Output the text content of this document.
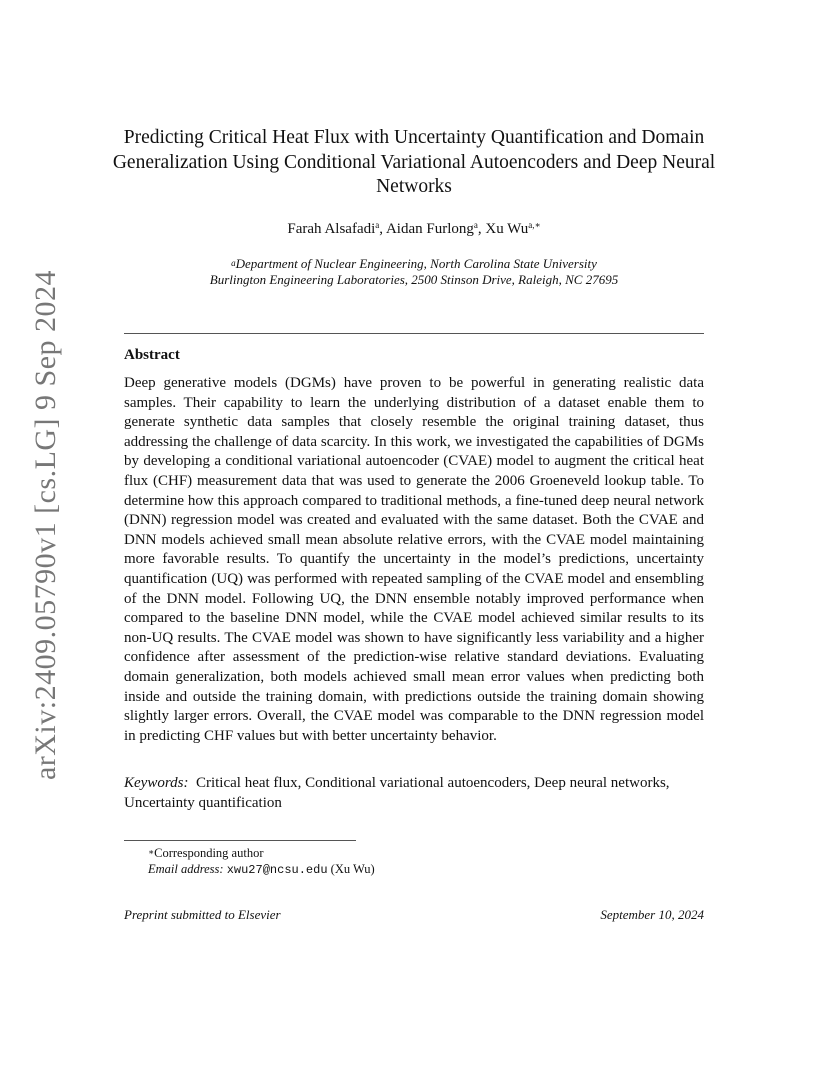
arXiv:2409.05790v1 [cs.LG] 9 Sep 2024
Predicting Critical Heat Flux with Uncertainty Quantification and Domain Generalization Using Conditional Variational Autoencoders and Deep Neural Networks
Farah Alsafadi$^a$, Aidan Furlong$^a$, Xu $Wu^{a,∗}$
$^a$Department of Nuclear Engineering, North Carolina State University
Burlington Engineering Laboratories, 2500 Stinson Drive, Raleigh, NC 27695
Abstract
Deep generative models (DGMs) have proven to be powerful in generating realistic data samples. Their capability to learn the underlying distribution of a dataset enable them to generate synthetic data samples that closely resemble the original training dataset, thus addressing the challenge of data scarcity. In this work, we investigated the capabilities of DGMs by developing a conditional variational autoencoder (CVAE) model to augment the critical heat flux (CHF) measurement data that was used to generate the 2006 Groeneveld lookup table. To determine how this approach compared to traditional methods, a fine-tuned deep neural network (DNN) regression model was created and evaluated with the same dataset. Both the CVAE and DNN models achieved small mean absolute relative errors, with the CVAE model maintaining more favorable results. To quantify the uncertainty in the model’s predictions, uncertainty quantification (UQ) was performed with repeated sampling of the CVAE model and ensembling of the DNN model. Following UQ, the DNN ensemble notably improved performance when compared to the baseline DNN model, while the CVAE model achieved similar results to its non-UQ results. The CVAE model was shown to have significantly less variability and a higher confidence after assessment of the prediction-wise relative standard deviations. Evaluating domain generalization, both models achieved small mean error values when predicting both inside and outside the training domain, with predictions outside the training domain showing slightly larger errors. Overall, the CVAE model was comparable to the DNN regression model in predicting CHF values but with better uncertainty behavior.
Keywords: Critical heat flux, Conditional variational autoencoders, Deep neural networks, Uncertainty quantification
∗Corresponding author
Email address: xwu27@ncsu.edu (Xu Wu)
Preprint submitted to Elsevier	September 10, 2024
